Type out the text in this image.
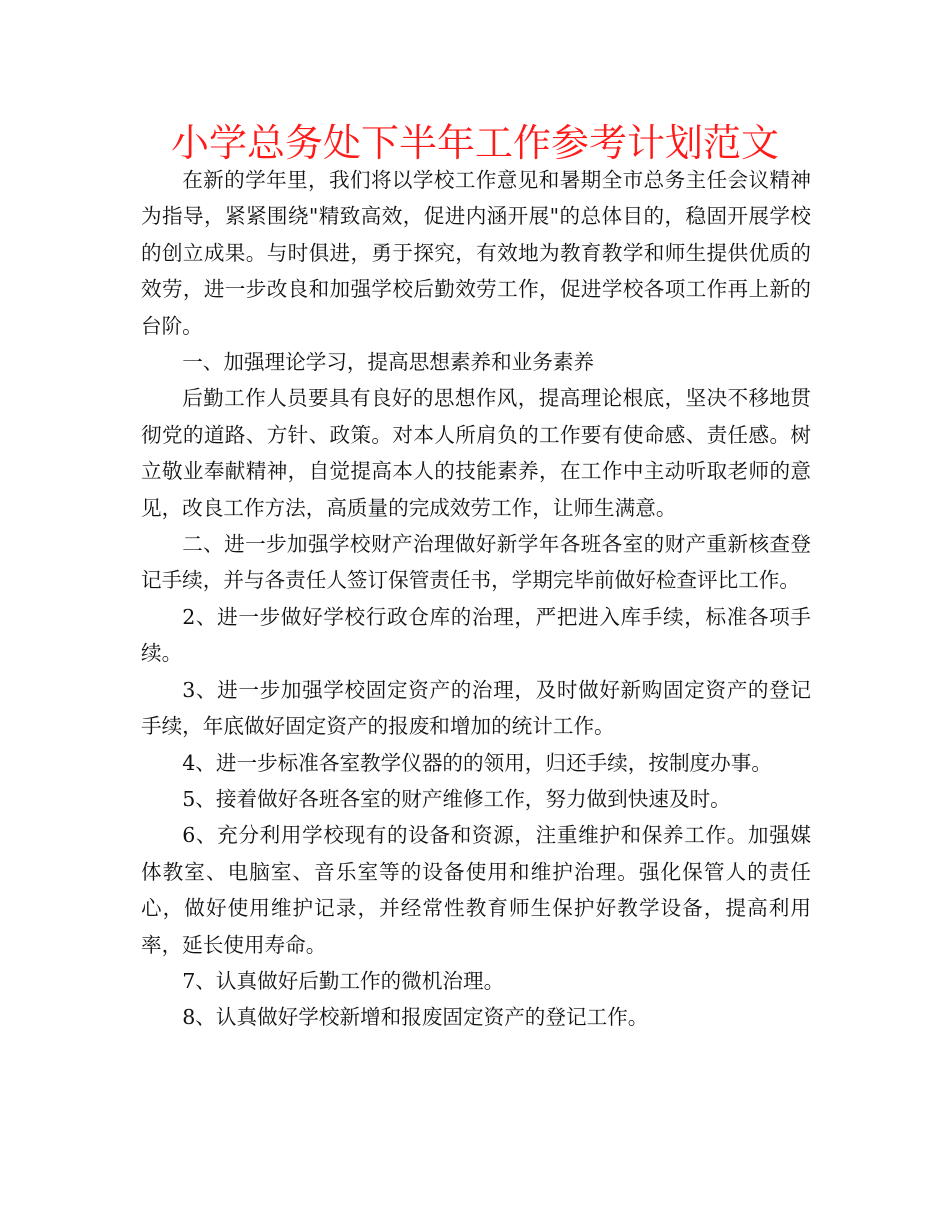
小学总务处下半年工作参考计划范文

在新的学年里，我们将以学校工作意见和暑期全市总务主任会议精神为指导，紧紧围绕"精致高效，促进内涵开展"的总体目的，稳固开展学校的创立成果。与时俱进，勇于探究，有效地为教育教学和师生提供优质的效劳，进一步改良和加强学校后勤效劳工作，促进学校各项工作再上新的台阶。

一、加强理论学习，提高思想素养和业务素养

后勤工作人员要具有良好的思想作风，提高理论根底，坚决不移地贯彻党的道路、方针、政策。对本人所肩负的工作要有使命感、责任感。树立敬业奉献精神，自觉提高本人的技能素养，在工作中主动听取老师的意见，改良工作方法，高质量的完成效劳工作，让师生满意。

二、进一步加强学校财产治理做好新学年各班各室的财产重新核查登记手续，并与各责任人签订保管责任书，学期完毕前做好检查评比工作。

2、进一步做好学校行政仓库的治理，严把进入库手续，标准各项手续。

3、进一步加强学校固定资产的治理，及时做好新购固定资产的登记手续，年底做好固定资产的报废和增加的统计工作。

4、进一步标准各室教学仪器的的领用，归还手续，按制度办事。

5、接着做好各班各室的财产维修工作，努力做到快速及时。

6、充分利用学校现有的设备和资源，注重维护和保养工作。加强媒体教室、电脑室、音乐室等的设备使用和维护治理。强化保管人的责任心，做好使用维护记录，并经常性教育师生保护好教学设备，提高利用率，延长使用寿命。

7、认真做好后勤工作的微机治理。

8、认真做好学校新增和报废固定资产的登记工作。
